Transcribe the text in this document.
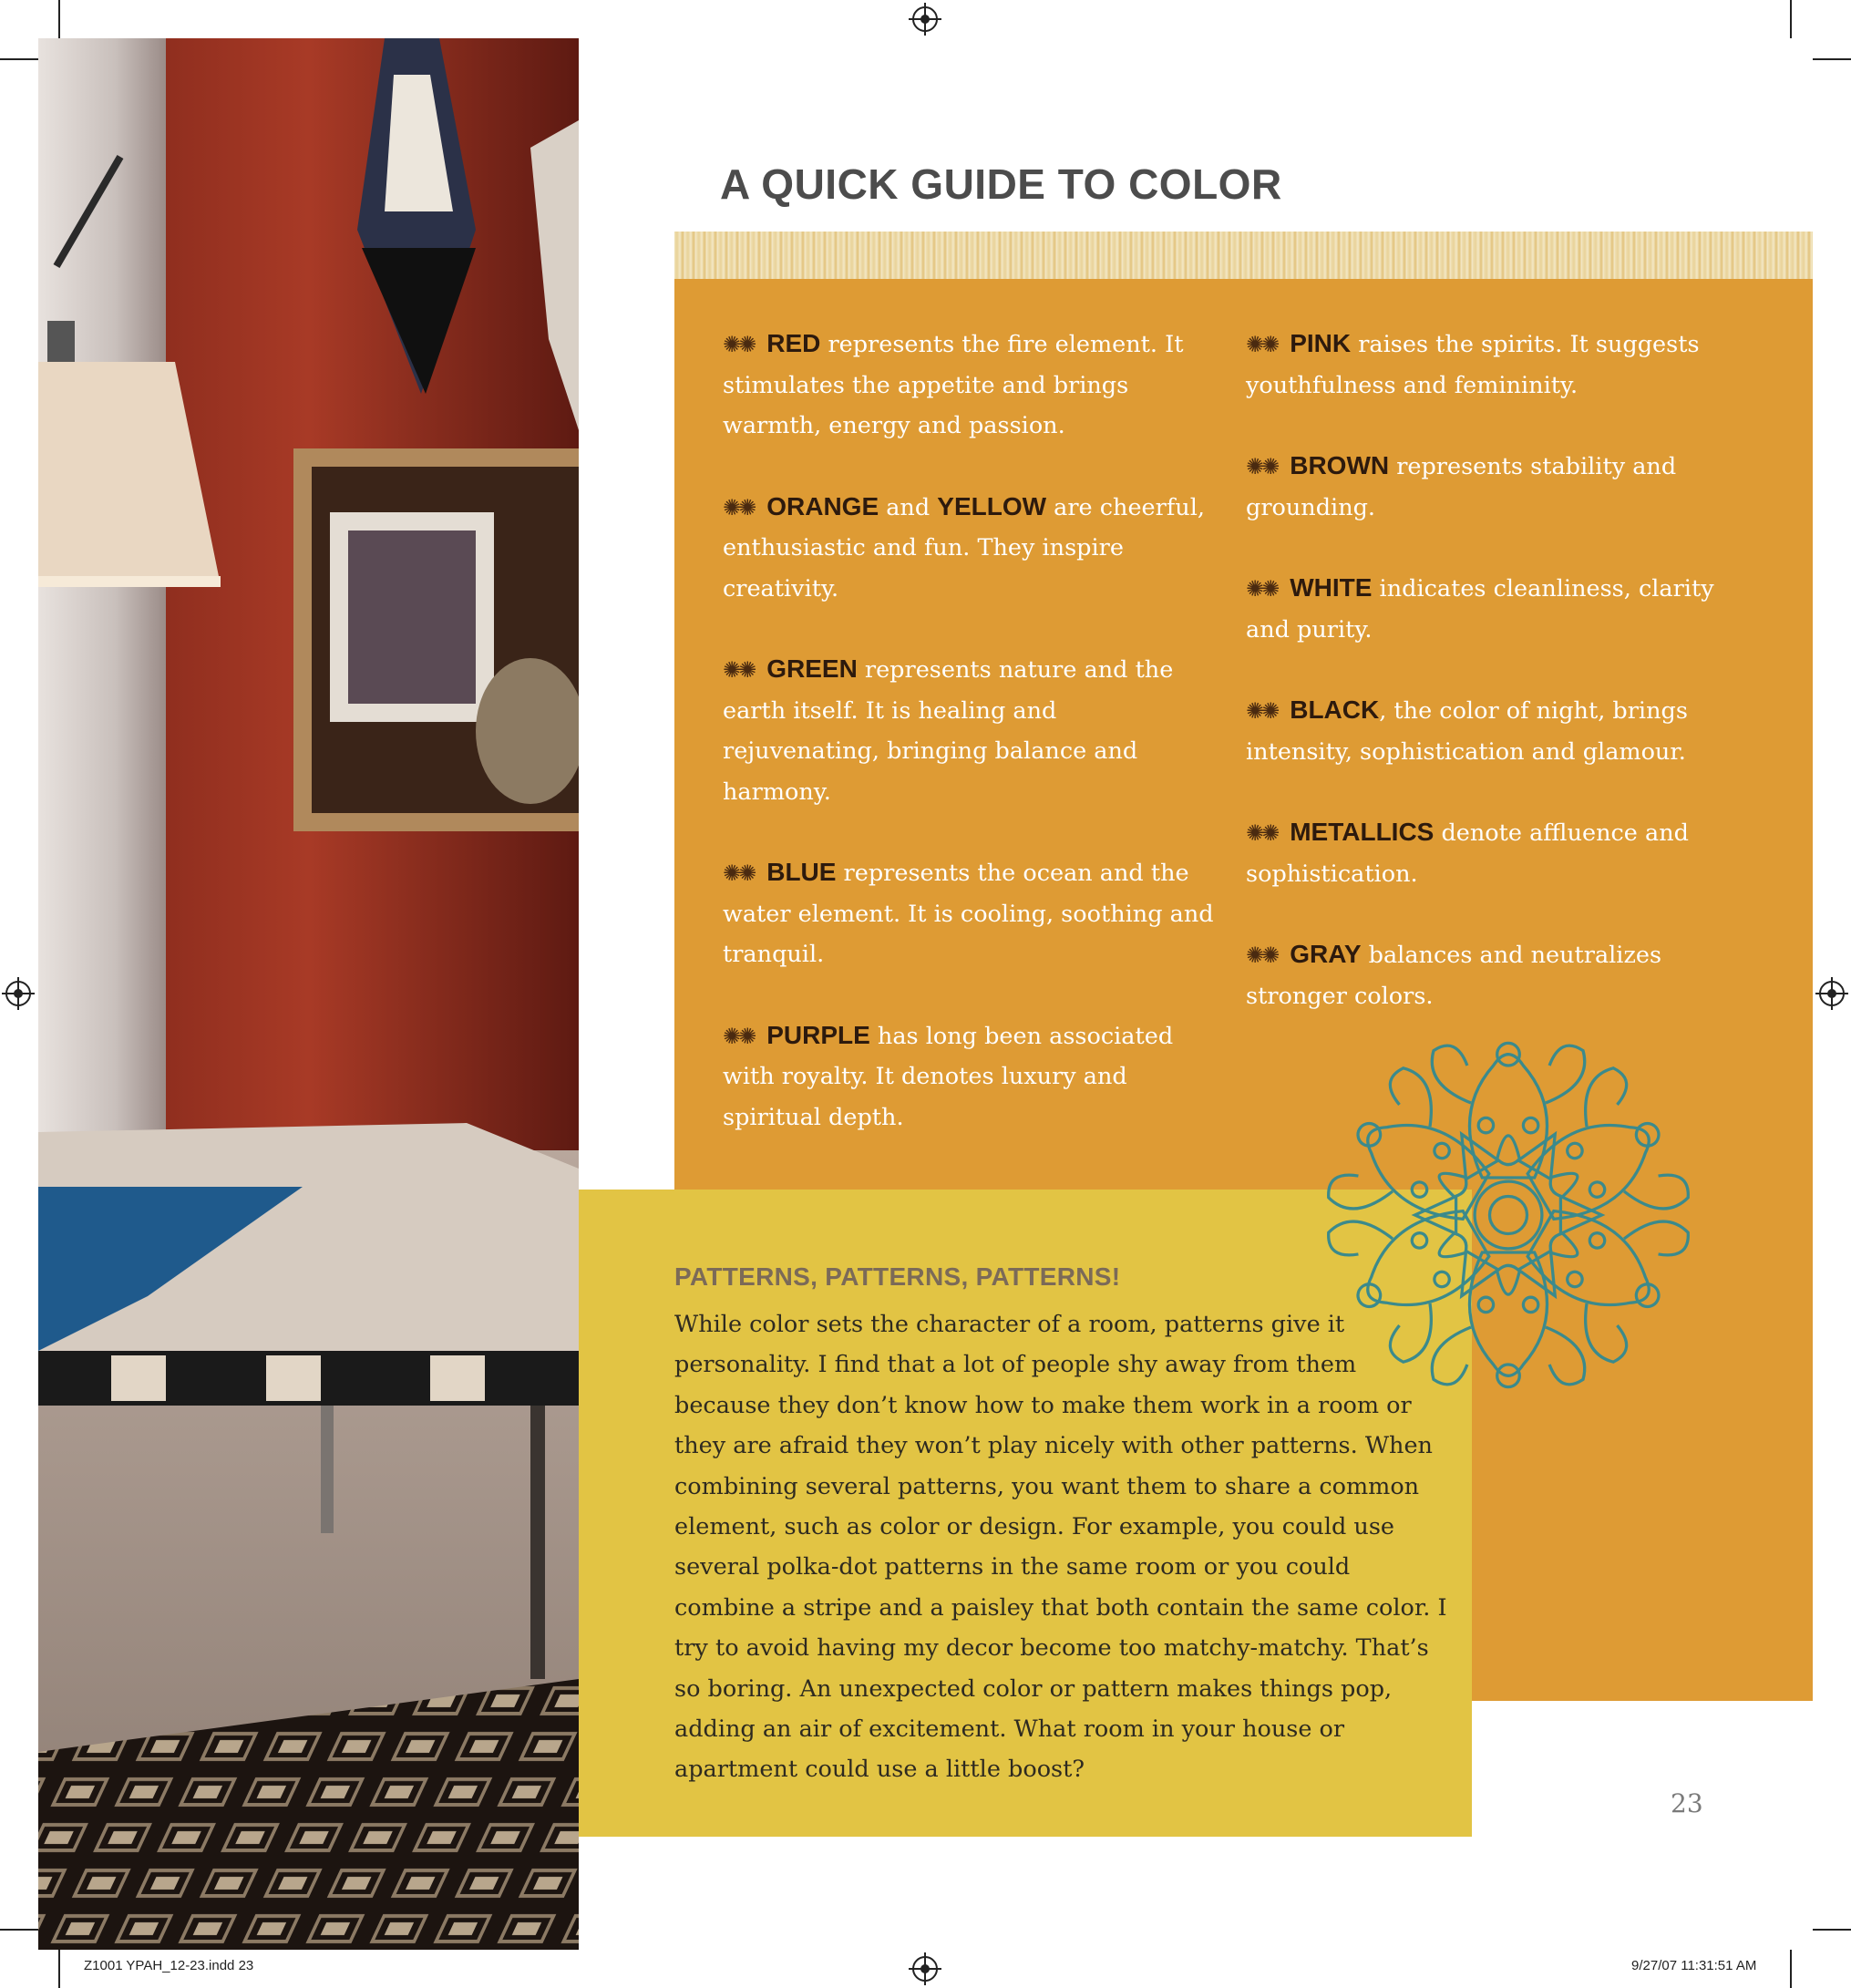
A QUICK GUIDE TO COLOR

✺✺ RED represents the fire element. It stimulates the appetite and brings warmth, energy and passion.

✺✺ ORANGE and YELLOW are cheerful, enthusiastic and fun. They inspire creativity.

✺✺ GREEN represents nature and the earth itself. It is healing and rejuvenating, bringing balance and harmony.

✺✺ BLUE represents the ocean and the water element. It is cooling, soothing and tranquil.

✺✺ PURPLE has long been associated with royalty. It denotes luxury and spiritual depth.

✺✺ PINK raises the spirits. It suggests youthfulness and femininity.

✺✺ BROWN represents stability and grounding.

✺✺ WHITE indicates cleanliness, clarity and purity.

✺✺ BLACK, the color of night, brings intensity, sophistication and glamour.

✺✺ METALLICS denote affluence and sophistication.

✺✺ GRAY balances and neutralizes stronger colors.

PATTERNS, PATTERNS, PATTERNS!

While color sets the character of a room, patterns give it personality. I find that a lot of people shy away from them because they don’t know how to make them work in a room or they are afraid they won’t play nicely with other patterns. When combining several patterns, you want them to share a common element, such as color or design. For example, you could use several polka-dot patterns in the same room or you could combine a stripe and a paisley that both contain the same color. I try to avoid having my decor become too matchy-matchy. That’s so boring. An unexpected color or pattern makes things pop, adding an air of excitement. What room in your house or apartment could use a little boost?

23
Z1001 YPAH_12-23.indd 23	9/27/07 11:31:51 AM
